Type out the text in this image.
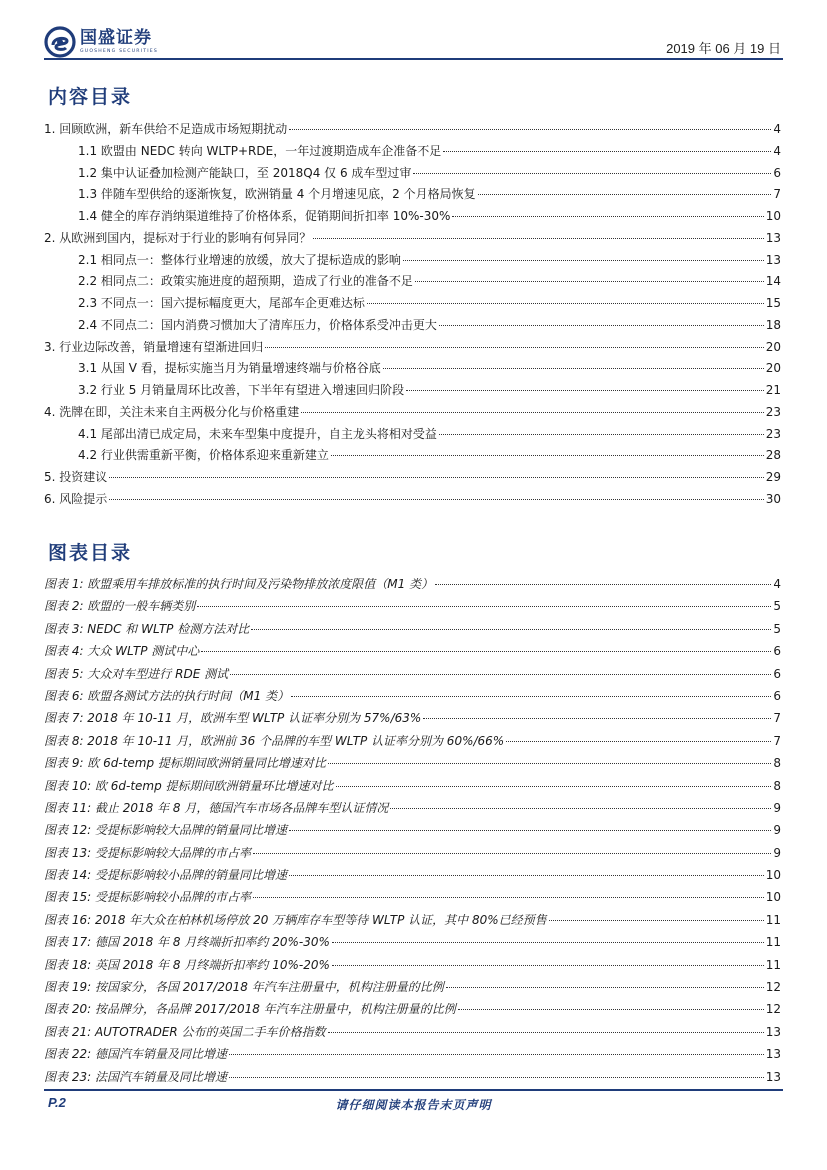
国盛证券
GUOSHENG SECURITIES	2019 年 06 月 19 日
内容目录
1. 回顾欧洲，新车供给不足造成市场短期扰动	4
1.1 欧盟由 NEDC 转向 WLTP+RDE，一年过渡期造成车企准备不足	4
1.2 集中认证叠加检测产能缺口，至 2018Q4 仅 6 成车型过审	6
1.3 伴随车型供给的逐渐恢复，欧洲销量 4 个月增速见底，2 个月格局恢复	7
1.4 健全的库存消纳渠道维持了价格体系，促销期间折扣率 10%-30%	10
2. 从欧洲到国内，提标对于行业的影响有何异同？	13
2.1 相同点一：整体行业增速的放缓，放大了提标造成的影响	13
2.2 相同点二：政策实施进度的超预期，造成了行业的准备不足	14
2.3 不同点一：国六提标幅度更大，尾部车企更难达标	15
2.4 不同点二：国内消费习惯加大了清库压力，价格体系受冲击更大	18
3. 行业边际改善，销量增速有望渐进回归	20
3.1 从国 V 看，提标实施当月为销量增速终端与价格谷底	20
3.2 行业 5 月销量周环比改善，下半年有望进入增速回归阶段	21
4. 洗牌在即，关注未来自主两极分化与价格重建	23
4.1 尾部出清已成定局，未来车型集中度提升，自主龙头将相对受益	23
4.2 行业供需重新平衡，价格体系迎来重新建立	28
5. 投资建议	29
6. 风险提示	30
图表目录
图表 1: 欧盟乘用车排放标准的执行时间及污染物排放浓度限值（M1 类）	4
图表 2: 欧盟的一般车辆类别	5
图表 3: NEDC 和 WLTP 检测方法对比	5
图表 4: 大众 WLTP 测试中心	6
图表 5: 大众对车型进行 RDE 测试	6
图表 6: 欧盟各测试方法的执行时间（M1 类）	6
图表 7: 2018 年 10-11 月，欧洲车型 WLTP 认证率分别为 57%/63%	7
图表 8: 2018 年 10-11 月，欧洲前 36 个品牌的车型 WLTP 认证率分别为 60%/66%	7
图表 9: 欧 6d-temp 提标期间欧洲销量同比增速对比	8
图表 10: 欧 6d-temp 提标期间欧洲销量环比增速对比	8
图表 11: 截止 2018 年 8 月，德国汽车市场各品牌车型认证情况	9
图表 12: 受提标影响较大品牌的销量同比增速	9
图表 13: 受提标影响较大品牌的市占率	9
图表 14: 受提标影响较小品牌的销量同比增速	10
图表 15: 受提标影响较小品牌的市占率	10
图表 16: 2018 年大众在柏林机场停放 20 万辆库存车型等待 WLTP 认证，其中 80%已经预售	11
图表 17: 德国 2018 年 8 月终端折扣率约 20%-30%	11
图表 18: 英国 2018 年 8 月终端折扣率约 10%-20%	11
图表 19: 按国家分，各国 2017/2018 年汽车注册量中，机构注册量的比例	12
图表 20: 按品牌分，各品牌 2017/2018 年汽车注册量中，机构注册量的比例	12
图表 21: AUTOTRADER 公布的英国二手车价格指数	13
图表 22: 德国汽车销量及同比增速	13
图表 23: 法国汽车销量及同比增速	13
P.2	请仔细阅读本报告末页声明
